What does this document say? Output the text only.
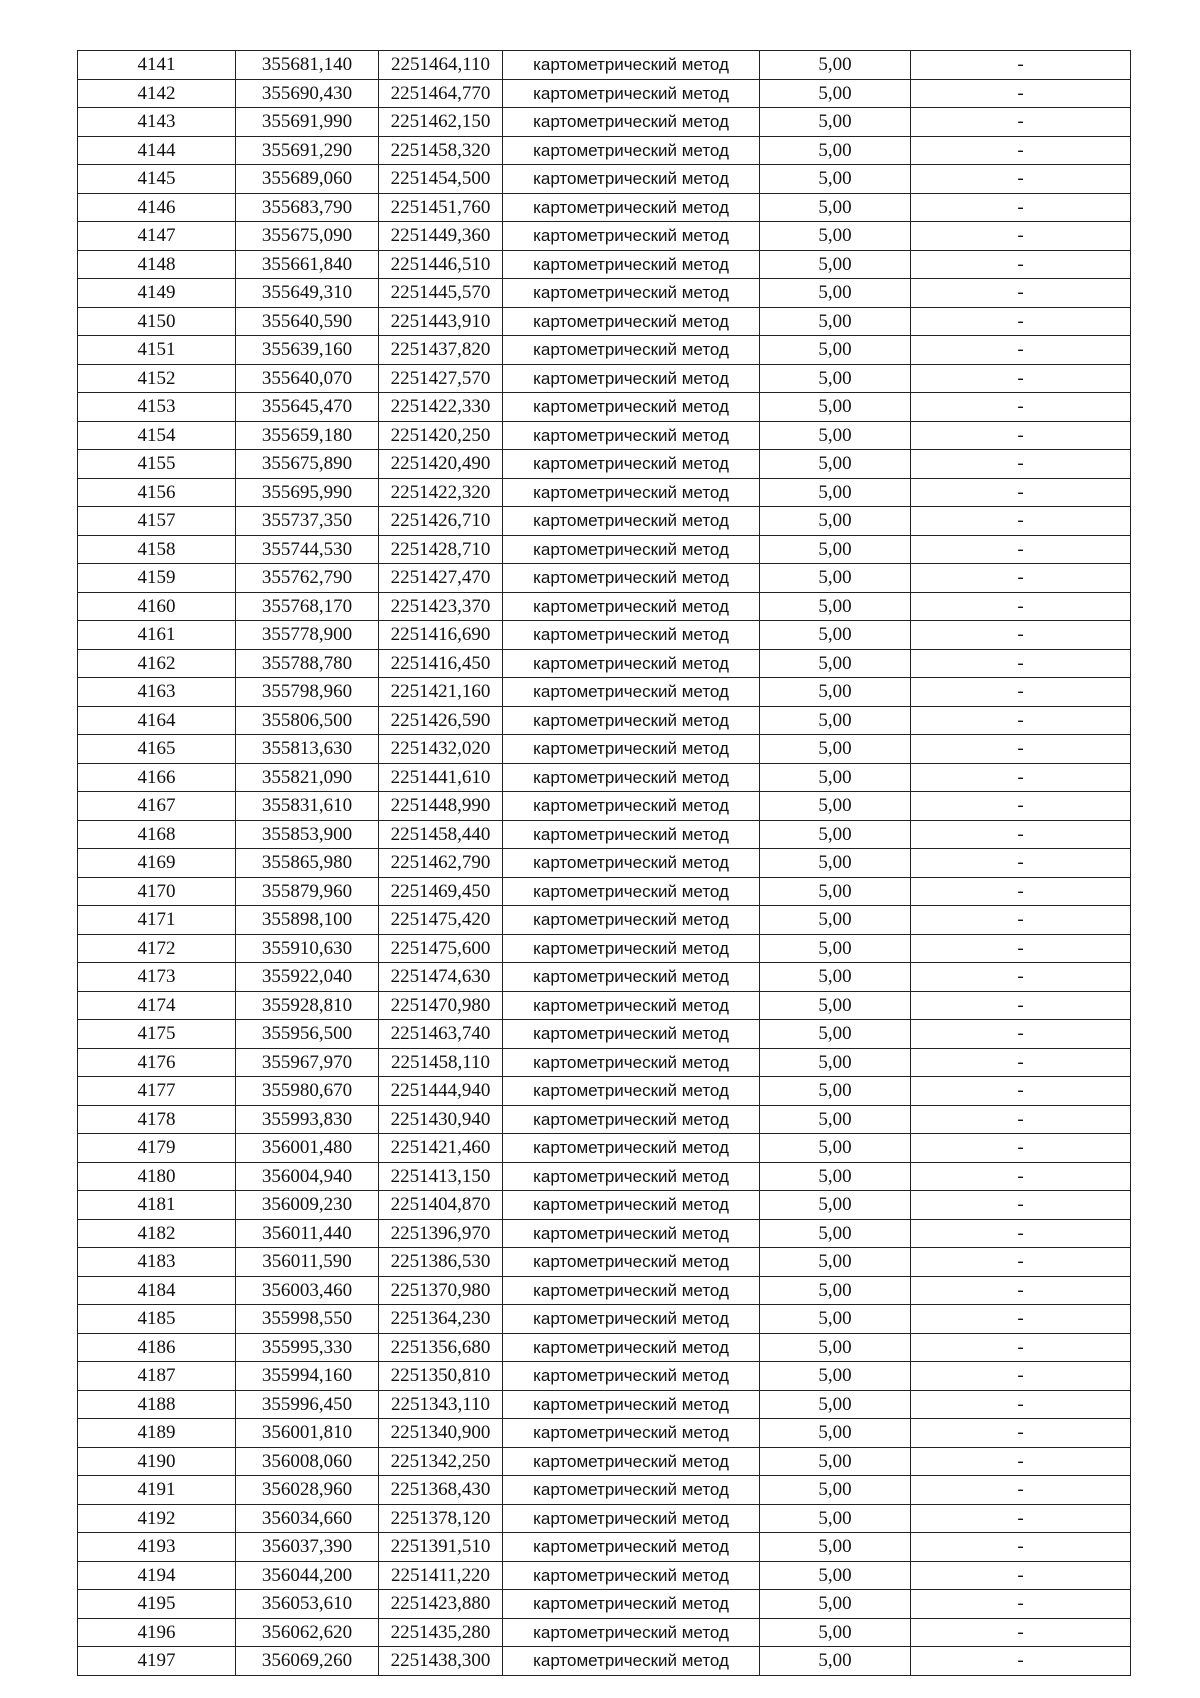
4141	355681,140	2251464,110	картометрический метод	5,00	-
4142	355690,430	2251464,770	картометрический метод	5,00	-
4143	355691,990	2251462,150	картометрический метод	5,00	-
4144	355691,290	2251458,320	картометрический метод	5,00	-
4145	355689,060	2251454,500	картометрический метод	5,00	-
4146	355683,790	2251451,760	картометрический метод	5,00	-
4147	355675,090	2251449,360	картометрический метод	5,00	-
4148	355661,840	2251446,510	картометрический метод	5,00	-
4149	355649,310	2251445,570	картометрический метод	5,00	-
4150	355640,590	2251443,910	картометрический метод	5,00	-
4151	355639,160	2251437,820	картометрический метод	5,00	-
4152	355640,070	2251427,570	картометрический метод	5,00	-
4153	355645,470	2251422,330	картометрический метод	5,00	-
4154	355659,180	2251420,250	картометрический метод	5,00	-
4155	355675,890	2251420,490	картометрический метод	5,00	-
4156	355695,990	2251422,320	картометрический метод	5,00	-
4157	355737,350	2251426,710	картометрический метод	5,00	-
4158	355744,530	2251428,710	картометрический метод	5,00	-
4159	355762,790	2251427,470	картометрический метод	5,00	-
4160	355768,170	2251423,370	картометрический метод	5,00	-
4161	355778,900	2251416,690	картометрический метод	5,00	-
4162	355788,780	2251416,450	картометрический метод	5,00	-
4163	355798,960	2251421,160	картометрический метод	5,00	-
4164	355806,500	2251426,590	картометрический метод	5,00	-
4165	355813,630	2251432,020	картометрический метод	5,00	-
4166	355821,090	2251441,610	картометрический метод	5,00	-
4167	355831,610	2251448,990	картометрический метод	5,00	-
4168	355853,900	2251458,440	картометрический метод	5,00	-
4169	355865,980	2251462,790	картометрический метод	5,00	-
4170	355879,960	2251469,450	картометрический метод	5,00	-
4171	355898,100	2251475,420	картометрический метод	5,00	-
4172	355910,630	2251475,600	картометрический метод	5,00	-
4173	355922,040	2251474,630	картометрический метод	5,00	-
4174	355928,810	2251470,980	картометрический метод	5,00	-
4175	355956,500	2251463,740	картометрический метод	5,00	-
4176	355967,970	2251458,110	картометрический метод	5,00	-
4177	355980,670	2251444,940	картометрический метод	5,00	-
4178	355993,830	2251430,940	картометрический метод	5,00	-
4179	356001,480	2251421,460	картометрический метод	5,00	-
4180	356004,940	2251413,150	картометрический метод	5,00	-
4181	356009,230	2251404,870	картометрический метод	5,00	-
4182	356011,440	2251396,970	картометрический метод	5,00	-
4183	356011,590	2251386,530	картометрический метод	5,00	-
4184	356003,460	2251370,980	картометрический метод	5,00	-
4185	355998,550	2251364,230	картометрический метод	5,00	-
4186	355995,330	2251356,680	картометрический метод	5,00	-
4187	355994,160	2251350,810	картометрический метод	5,00	-
4188	355996,450	2251343,110	картометрический метод	5,00	-
4189	356001,810	2251340,900	картометрический метод	5,00	-
4190	356008,060	2251342,250	картометрический метод	5,00	-
4191	356028,960	2251368,430	картометрический метод	5,00	-
4192	356034,660	2251378,120	картометрический метод	5,00	-
4193	356037,390	2251391,510	картометрический метод	5,00	-
4194	356044,200	2251411,220	картометрический метод	5,00	-
4195	356053,610	2251423,880	картометрический метод	5,00	-
4196	356062,620	2251435,280	картометрический метод	5,00	-
4197	356069,260	2251438,300	картометрический метод	5,00	-
